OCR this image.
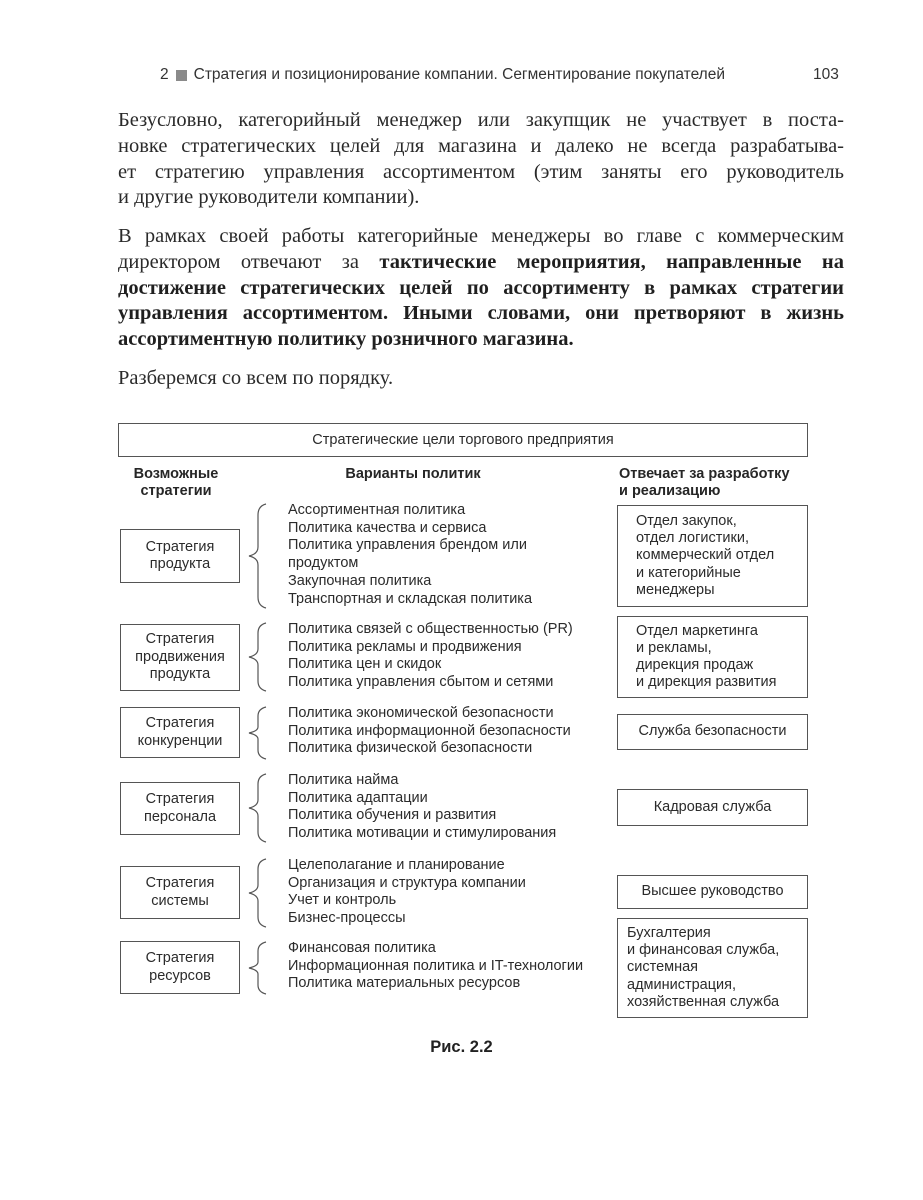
2 Стратегия и позиционирование компании. Сегментирование покупателей	103
Безусловно, категорийный менеджер или закупщик не участвует в поста-
новке стратегических целей для магазина и далеко не всегда разрабатыва-
ет стратегию управления ассортиментом (этим заняты его руководитель
и другие руководители компании).
В рамках своей работы категорийные менеджеры во главе с коммерческим
директором отвечают за тактические мероприятия, направленные на
достижение стратегических целей по ассортименту в рамках стратегии
управления ассортиментом. Иными словами, они претворяют в жизнь
ассортиментную политику розничного магазина.
Разберемся со всем по порядку.
Стратегические цели торгового предприятия
Возможные
стратегии
Варианты политик	Отвечает за разработку
и реализацию
Стратегия
продукта
Ассортиментная политика
Политика качества и сервиса
Политика управления брендом или
продуктом
Закупочная политика
Транспортная и складская политика
Стратегия
продвижения
продукта
Политика связей с общественностью (PR)
Политика рекламы и продвижения
Политика цен и скидок
Политика управления сбытом и сетями
Стратегия
конкуренции
Политика экономической безопасности
Политика информационной безопасности
Политика физической безопасности
Стратегия
персонала
Политика найма
Политика адаптации
Политика обучения и развития
Политика мотивации и стимулирования
Стратегия
системы
Целеполагание и планирование
Организация и структура компании
Учет и контроль
Бизнес-процессы
Стратегия
ресурсов
Финансовая политика
Информационная политика и IT-технологии
Политика материальных ресурсов
Отдел закупок,
отдел логистики,
коммерческий отдел
и категорийные
менеджеры
Отдел маркетинга
и рекламы,
дирекция продаж
и дирекция развития
Служба безопасности
Кадровая служба
Высшее руководство
Бухгалтерия
и финансовая служба,
системная
администрация,
хозяйственная служба
Рис. 2.2
